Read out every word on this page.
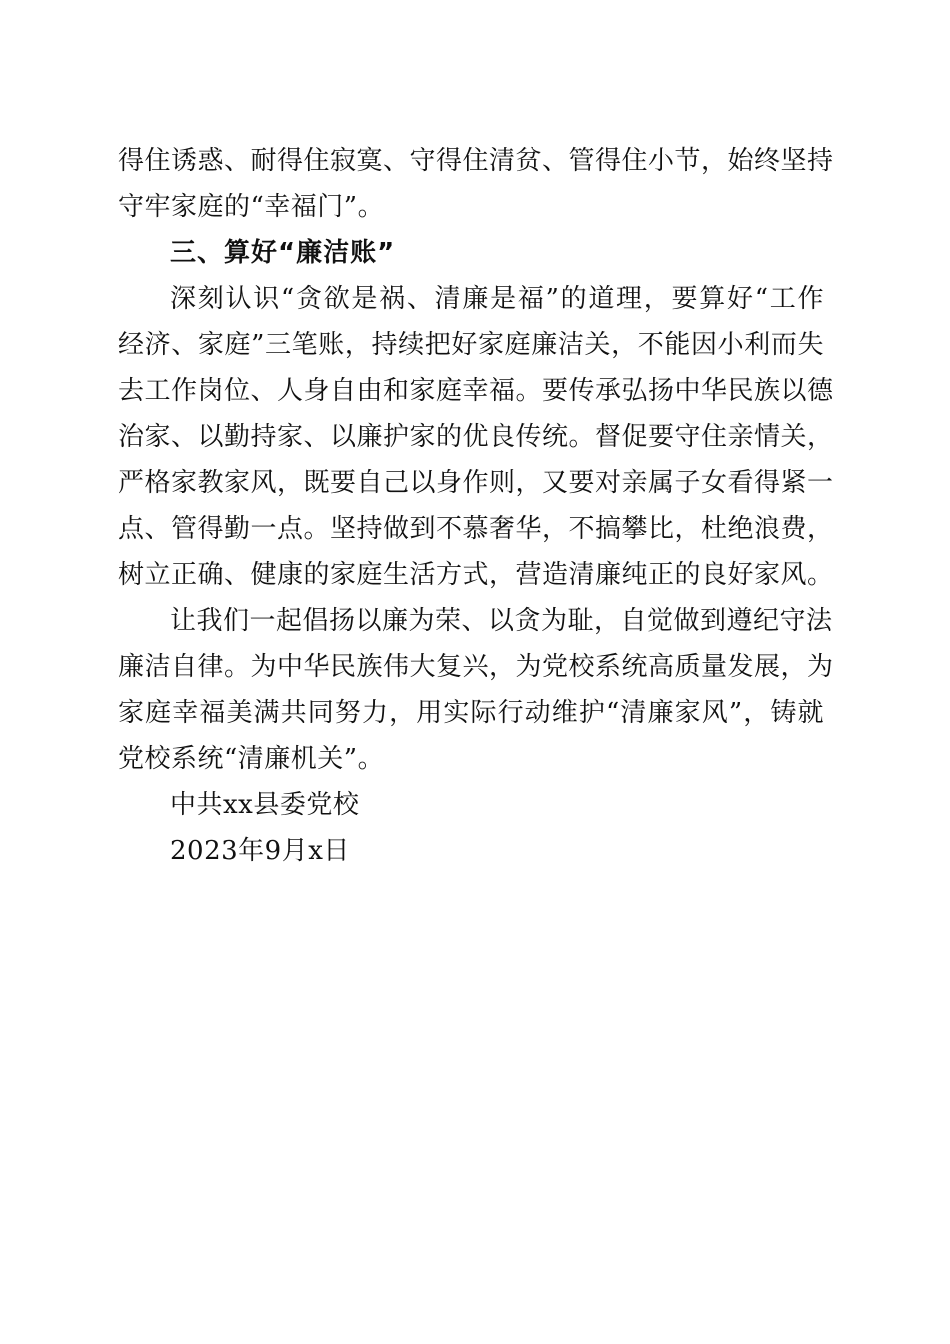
得住诱惑、耐得住寂寞、守得住清贫、管得住小节，始终坚持
守牢家庭的“幸福门”。
三、算好“廉洁账”
深刻认识“贪欲是祸、清廉是福”的道理，要算好“工作
经济、家庭”三笔账，持续把好家庭廉洁关，不能因小利而失
去工作岗位、人身自由和家庭幸福。要传承弘扬中华民族以德
治家、以勤持家、以廉护家的优良传统。督促要守住亲情关，
严格家教家风，既要自己以身作则，又要对亲属子女看得紧一
点、管得勤一点。坚持做到不慕奢华，不搞攀比，杜绝浪费，
树立正确、健康的家庭生活方式，营造清廉纯正的良好家风。
让我们一起倡扬以廉为荣、以贪为耻，自觉做到遵纪守法
廉洁自律。为中华民族伟大复兴，为党校系统高质量发展，为
家庭幸福美满共同努力，用实际行动维护“清廉家风”，铸就
党校系统“清廉机关”。
中共xx县委党校
2023年9月x日
